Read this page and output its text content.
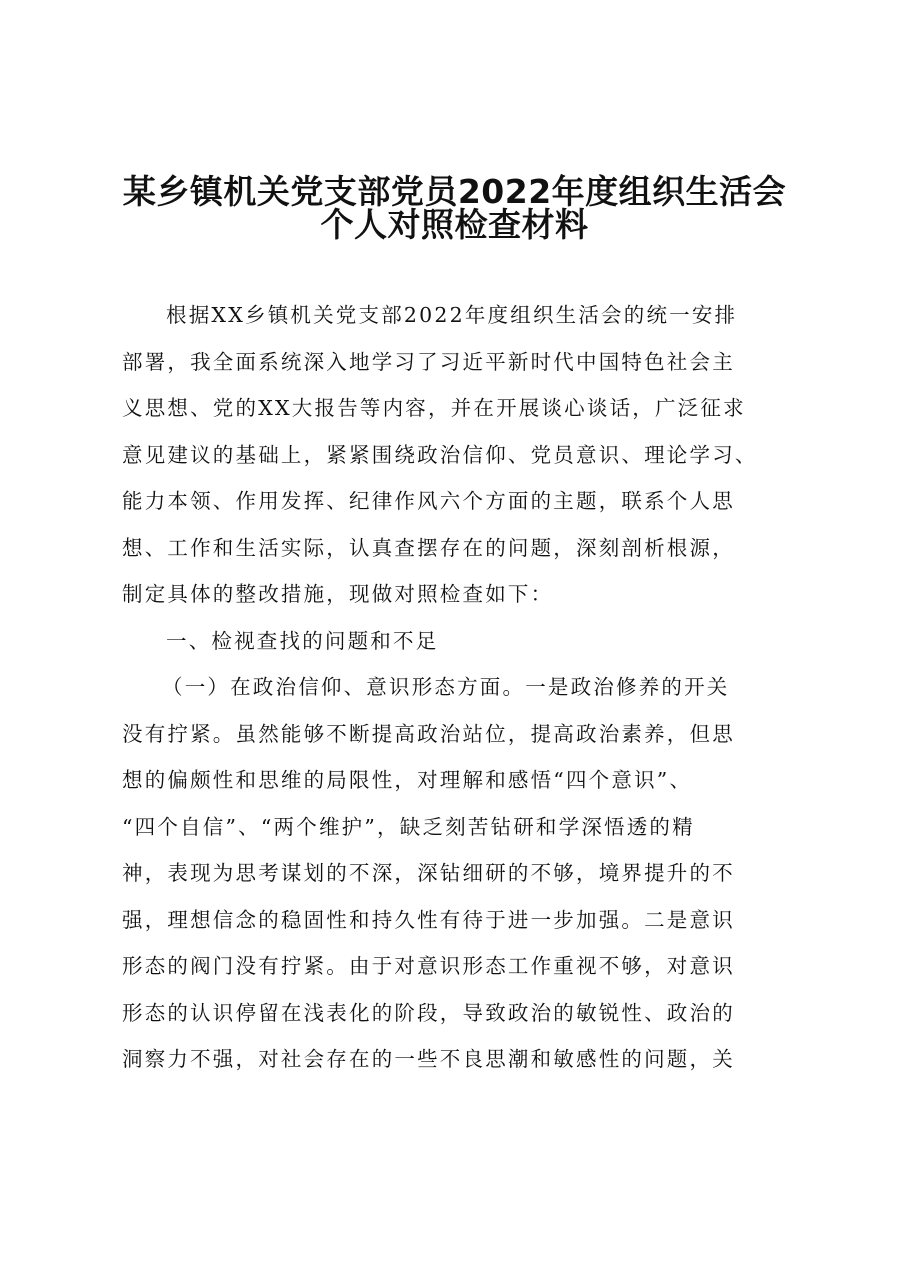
某乡镇机关党支部党员2022年度组织生活会
个人对照检查材料
根据XX乡镇机关党支部2022年度组织生活会的统一安排
部署，我全面系统深入地学习了习近平新时代中国特色社会主
义思想、党的XX大报告等内容，并在开展谈心谈话，广泛征求
意见建议的基础上，紧紧围绕政治信仰、党员意识、理论学习、
能力本领、作用发挥、纪律作风六个方面的主题，联系个人思
想、工作和生活实际，认真查摆存在的问题，深刻剖析根源，
制定具体的整改措施，现做对照检查如下：
一、检视查找的问题和不足
（一）在政治信仰、意识形态方面。一是政治修养的开关
没有拧紧。虽然能够不断提高政治站位，提高政治素养，但思
想的偏颇性和思维的局限性，对理解和感悟“四个意识”、
“四个自信”、“两个维护”，缺乏刻苦钻研和学深悟透的精
神，表现为思考谋划的不深，深钻细研的不够，境界提升的不
强，理想信念的稳固性和持久性有待于进一步加强。二是意识
形态的阀门没有拧紧。由于对意识形态工作重视不够，对意识
形态的认识停留在浅表化的阶段，导致政治的敏锐性、政治的
洞察力不强，对社会存在的一些不良思潮和敏感性的问题，关
